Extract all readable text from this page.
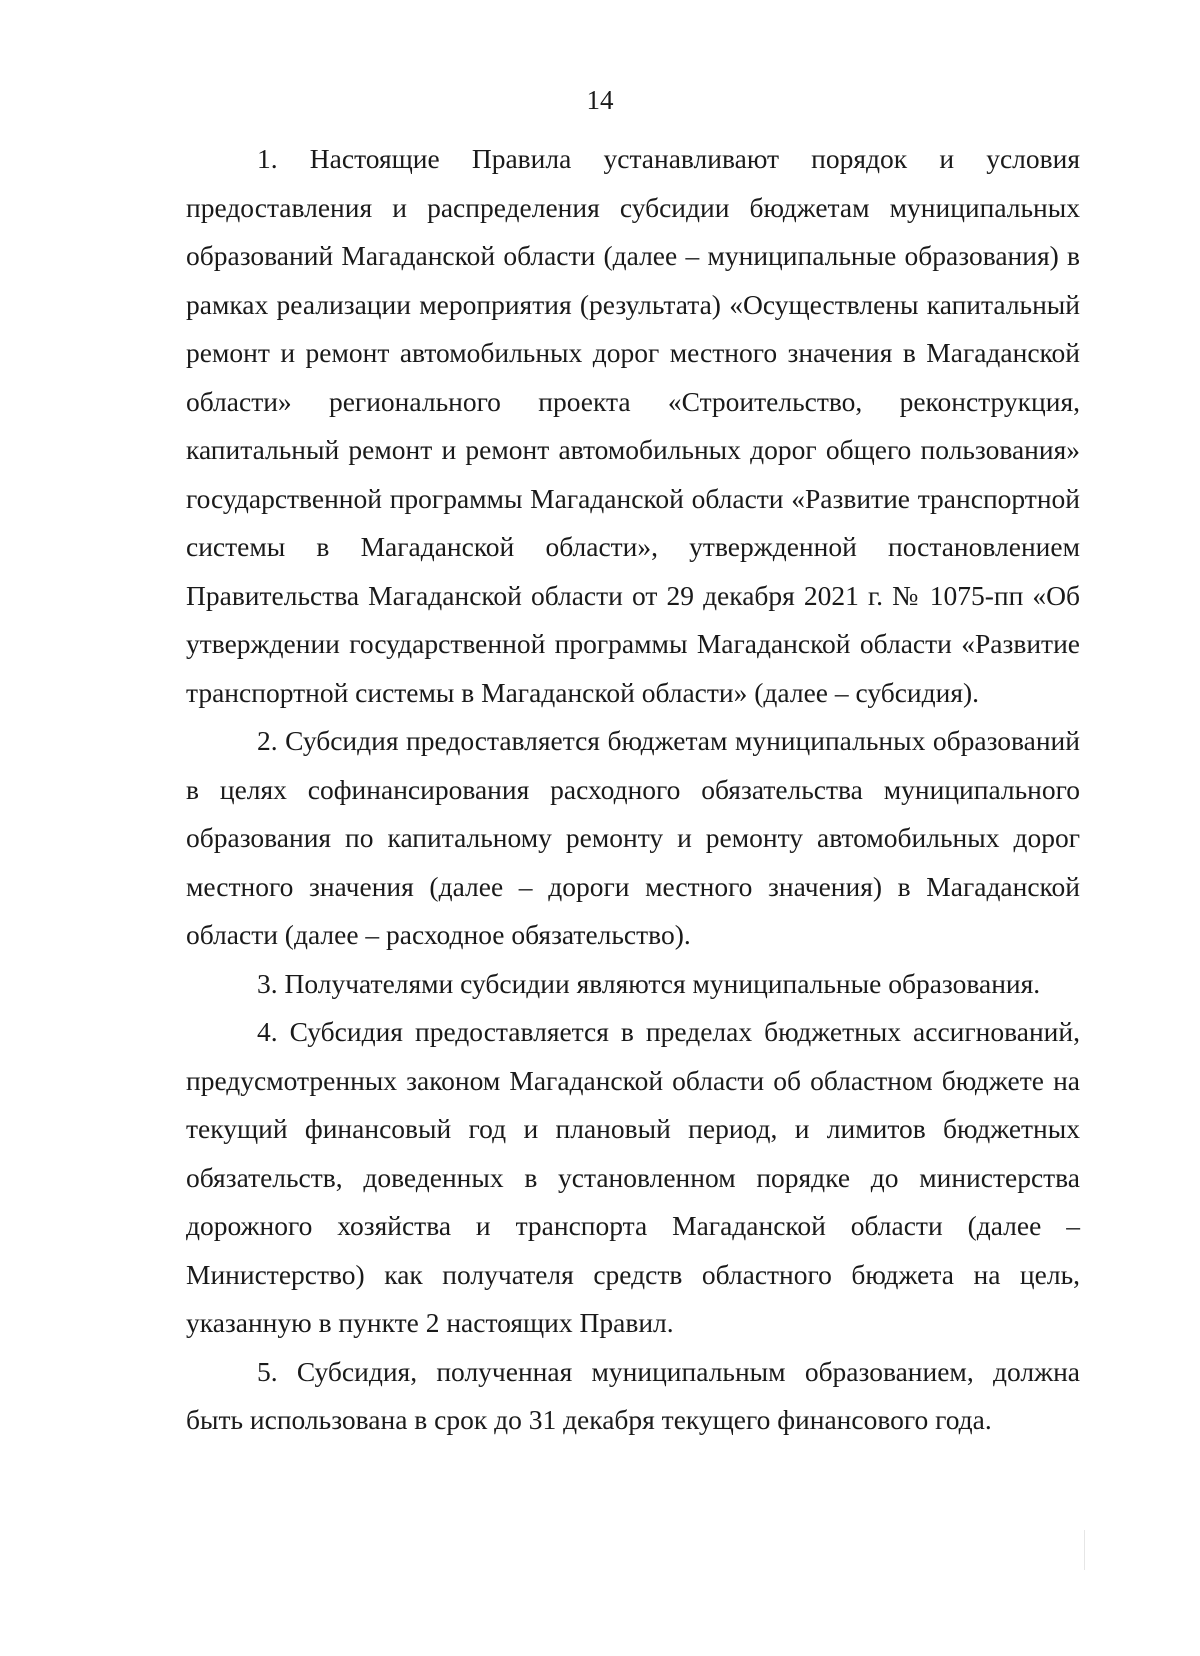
14

1. Настоящие Правила устанавливают порядок и условия предоставления и распределения субсидии бюджетам муниципальных образований Магаданской области (далее – муниципальные образования) в рамках реализации мероприятия (результата) «Осуществлены капитальный ремонт и ремонт автомобильных дорог местного значения в Магаданской области» регионального проекта «Строительство, реконструкция, капитальный ремонт и ремонт автомобильных дорог общего пользования» государственной программы Магаданской области «Развитие транспортной системы в Магаданской области», утвержденной постановлением Правительства Магаданской области от 29 декабря 2021 г. № 1075-пп «Об утверждении государственной программы Магаданской области «Развитие транспортной системы в Магаданской области» (далее – субсидия).

2. Субсидия предоставляется бюджетам муниципальных образований в целях софинансирования расходного обязательства муниципального образования по капитальному ремонту и ремонту автомобильных дорог местного значения (далее – дороги местного значения) в Магаданской области (далее – расходное обязательство).

3. Получателями субсидии являются муниципальные образования.

4. Субсидия предоставляется в пределах бюджетных ассигнований, предусмотренных законом Магаданской области об областном бюджете на текущий финансовый год и плановый период, и лимитов бюджетных обязательств, доведенных в установленном порядке до министерства дорожного хозяйства и транспорта Магаданской области (далее – Министерство) как получателя средств областного бюджета на цель, указанную в пункте 2 настоящих Правил.

5. Субсидия, полученная муниципальным образованием, должна быть использована в срок до 31 декабря текущего финансового года.
